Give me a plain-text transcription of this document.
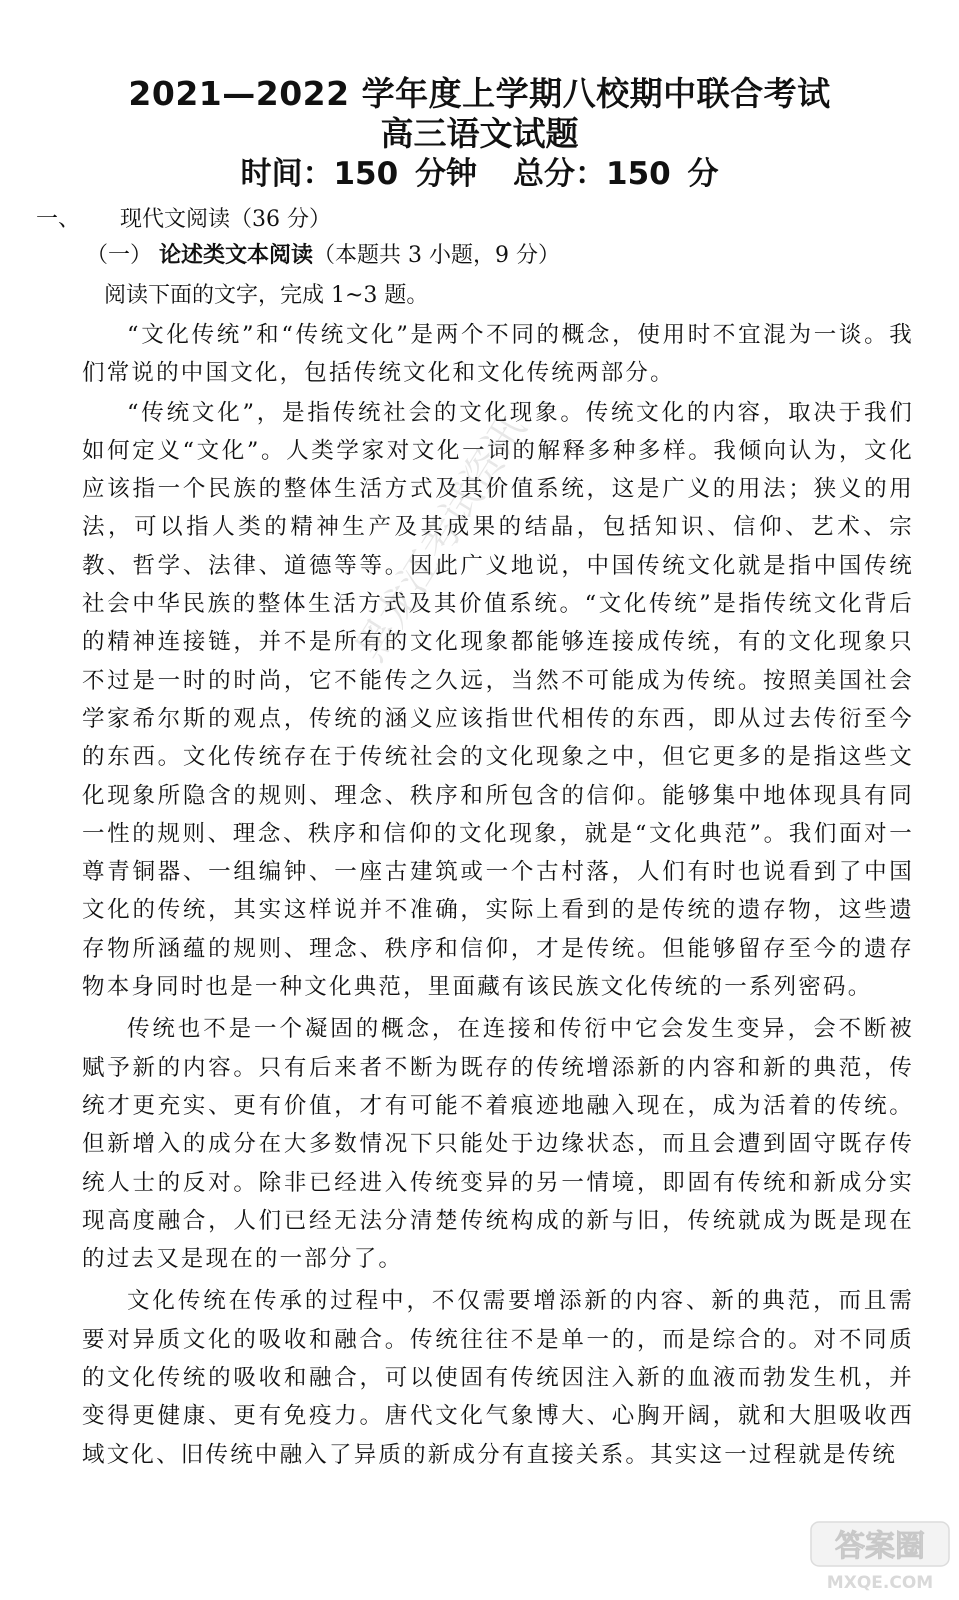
2021—2022 学年度上学期八校期中联合考试

高三语文试题

时间：150 分钟 总分：150 分

一、 现代文阅读（36 分）
（一） 论述类文本阅读（本题共 3 小题，9 分）
阅读下面的文字，完成 1~3 题。

“文化传统”和“传统文化”是两个不同的概念，使用时不宜混为一谈。我们常说的中国文化，包括传统文化和文化传统两部分。

“传统文化”，是指传统社会的文化现象。传统文化的内容，取决于我们如何定义“文化”。人类学家对文化一词的解释多种多样。我倾向认为，文化应该指一个民族的整体生活方式及其价值系统，这是广义的用法；狭义的用法，可以指人类的精神生产及其成果的结晶，包括知识、信仰、艺术、宗教、哲学、法律、道德等等。因此广义地说，中国传统文化就是指中国传统社会中华民族的整体生活方式及其价值系统。“文化传统”是指传统文化背后的精神连接链，并不是所有的文化现象都能够连接成传统，有的文化现象只不过是一时的时尚，它不能传之久远，当然不可能成为传统。按照美国社会学家希尔斯的观点，传统的涵义应该指世代相传的东西，即从过去传衍至今的东西。文化传统存在于传统社会的文化现象之中，但它更多的是指这些文化现象所隐含的规则、理念、秩序和所包含的信仰。能够集中地体现具有同一性的规则、理念、秩序和信仰的文化现象，就是“文化典范”。我们面对一尊青铜器、一组编钟、一座古建筑或一个古村落，人们有时也说看到了中国文化的传统，其实这样说并不准确，实际上看到的是传统的遗存物，这些遗存物所涵蕴的规则、理念、秩序和信仰，才是传统。但能够留存至今的遗存物本身同时也是一种文化典范，里面藏有该民族文化传统的一系列密码。

传统也不是一个凝固的概念，在连接和传衍中它会发生变异，会不断被赋予新的内容。只有后来者不断为既存的传统增添新的内容和新的典范，传统才更充实、更有价值，才有可能不着痕迹地融入现在，成为活着的传统。但新增入的成分在大多数情况下只能处于边缘状态，而且会遭到固守既存传统人士的反对。除非已经进入传统变异的另一情境，即固有传统和新成分实现高度融合，人们已经无法分清楚传统构成的新与旧，传统就成为既是现在的过去又是现在的一部分了。

文化传统在传承的过程中，不仅需要增添新的内容、新的典范，而且需要对异质文化的吸收和融合。传统往往不是单一的，而是综合的。对不同质的文化传统的吸收和融合，可以使固有传统因注入新的血液而勃发生机，并变得更健康、更有免疫力。唐代文化气象博大、心胸开阔，就和大胆吸收西域文化、旧传统中融入了异质的新成分有直接关系。其实这一过程就是传统

黑龙江考试资讯
答案圈
MXQE.COM
